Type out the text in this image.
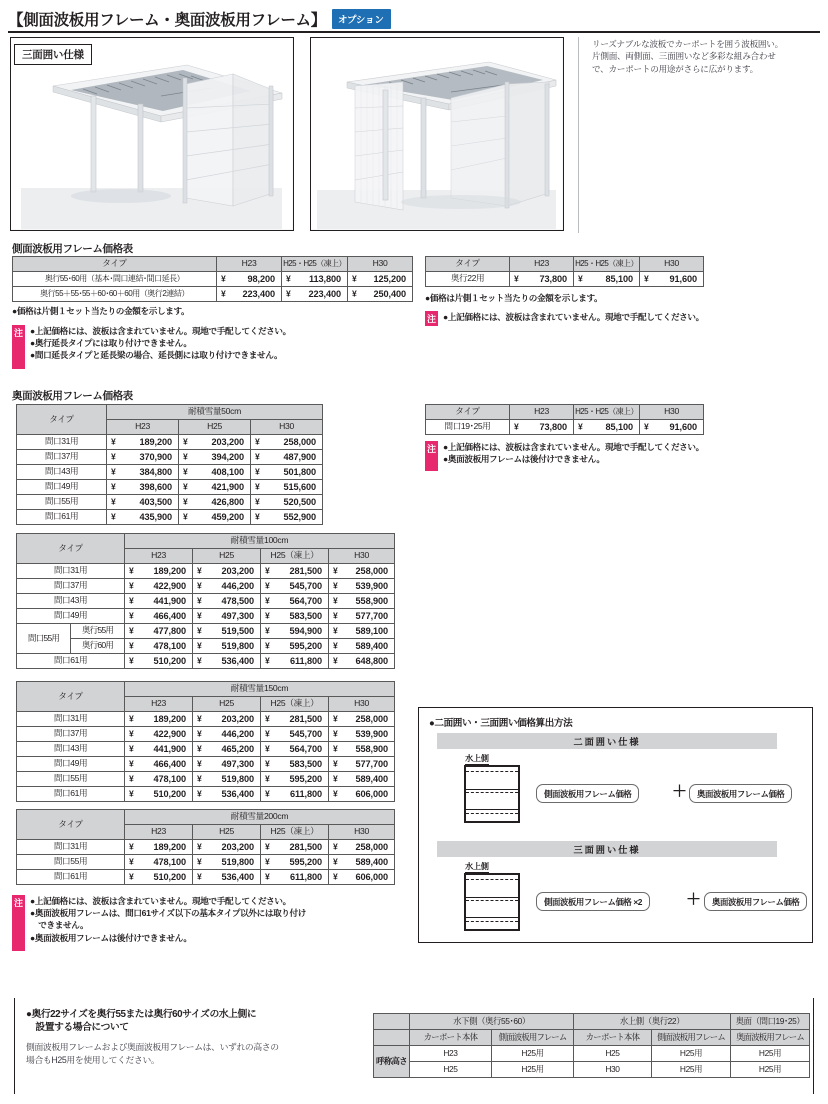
【側面波板用フレーム・奥面波板用フレーム】	オプション
三面囲い仕様
リーズナブルな波板でカーポートを囲う波板囲い。
片側面、両側面、三面囲いなど多彩な組み合わせ
で、カーポートの用途がさらに広がります。
側面波板用フレーム価格表
タイプ	H23	H25・H25（凍上）	H30
奥行55･60用（基本･間口連結･間口延長）	¥ 98,200	¥ 113,800	¥ 125,200
奥行55＋55･55＋60･60＋60用（奥行2連結）	¥ 223,400	¥ 223,400	¥ 250,400
●価格は片側１セット当たりの金額を示します。
注 ●上記価格には、波板は含まれていません。現地で手配してください。
●奥行延長タイプには取り付けできません。
●間口延長タイプと延長梁の場合、延長側には取り付けできません。
タイプ	H23	H25・H25（凍上）	H30
奥行22用	¥ 73,800	¥ 85,100	¥ 91,600
●価格は片側１セット当たりの金額を示します。
注 ●上記価格には、波板は含まれていません。現地で手配してください。
奥面波板用フレーム価格表
タイプ	耐積雪量50cm		
	H23	H25	H30
間口31用	¥ 189,200	¥ 203,200	¥ 258,000
間口37用	¥ 370,900	¥ 394,200	¥ 487,900
間口43用	¥ 384,800	¥ 408,100	¥ 501,800
間口49用	¥ 398,600	¥ 421,900	¥ 515,600
間口55用	¥ 403,500	¥ 426,800	¥ 520,500
間口61用	¥ 435,900	¥ 459,200	¥ 552,900
タイプ		耐積雪量100cm			
		H23	H25	H25（凍上）	H30
間口31用		¥ 189,200	¥ 203,200	¥ 281,500	¥ 258,000
間口37用		¥ 422,900	¥ 446,200	¥ 545,700	¥ 539,900
間口43用		¥ 441,900	¥ 478,500	¥ 564,700	¥ 558,900
間口49用		¥ 466,400	¥ 497,300	¥ 583,500	¥ 577,700
間口55用	奥行55用	¥ 477,800	¥ 519,500	¥ 594,900	¥ 589,100
	奥行60用	¥ 478,100	¥ 519,800	¥ 595,200	¥ 589,400
間口61用		¥ 510,200	¥ 536,400	¥ 611,800	¥ 648,800
タイプ	耐積雪量150cm			
	H23	H25	H25（凍上）	H30
間口31用	¥ 189,200	¥ 203,200	¥ 281,500	¥ 258,000
間口37用	¥ 422,900	¥ 446,200	¥ 545,700	¥ 539,900
間口43用	¥ 441,900	¥ 465,200	¥ 564,700	¥ 558,900
間口49用	¥ 466,400	¥ 497,300	¥ 583,500	¥ 577,700
間口55用	¥ 478,100	¥ 519,800	¥ 595,200	¥ 589,400
間口61用	¥ 510,200	¥ 536,400	¥ 611,800	¥ 606,000
タイプ	耐積雪量200cm			
	H23	H25	H25（凍上）	H30
間口31用	¥ 189,200	¥ 203,200	¥ 281,500	¥ 258,000
間口55用	¥ 478,100	¥ 519,800	¥ 595,200	¥ 589,400
間口61用	¥ 510,200	¥ 536,400	¥ 611,800	¥ 606,000
注 ●上記価格には、波板は含まれていません。現地で手配してください。
●奥面波板用フレームは、間口61サイズ以下の基本タイプ以外には取り付け
　できません。
●奥面波板用フレームは後付けできません。
タイプ	H23	H25・H25（凍上）	H30
間口19･25用	¥ 73,800	¥ 85,100	¥ 91,600
注 ●上記価格には、波板は含まれていません。現地で手配してください。
●奥面波板用フレームは後付けできません。
●二面囲い・三面囲い価格算出方法
二面囲い仕様
水上側
側面波板用フレーム価格	＋	奥面波板用フレーム価格
三面囲い仕様
水上側
側面波板用フレーム価格 ×2	＋	奥面波板用フレーム価格
●奥行22サイズを奥行55または奥行60サイズの水上側に
　設置する場合について
側面波板用フレームおよび奥面波板用フレームは、いずれの高さの
場合もH25用を使用してください。
	水下側（奥行55･60）		水上側（奥行22）		奥面（間口19･25）
	カーポート本体	側面波板用フレーム	カーポート本体	側面波板用フレーム	奥面波板用フレーム
呼称高さ	H23	H25用	H25	H25用	H25用
	H25	H25用	H30	H25用	H25用
